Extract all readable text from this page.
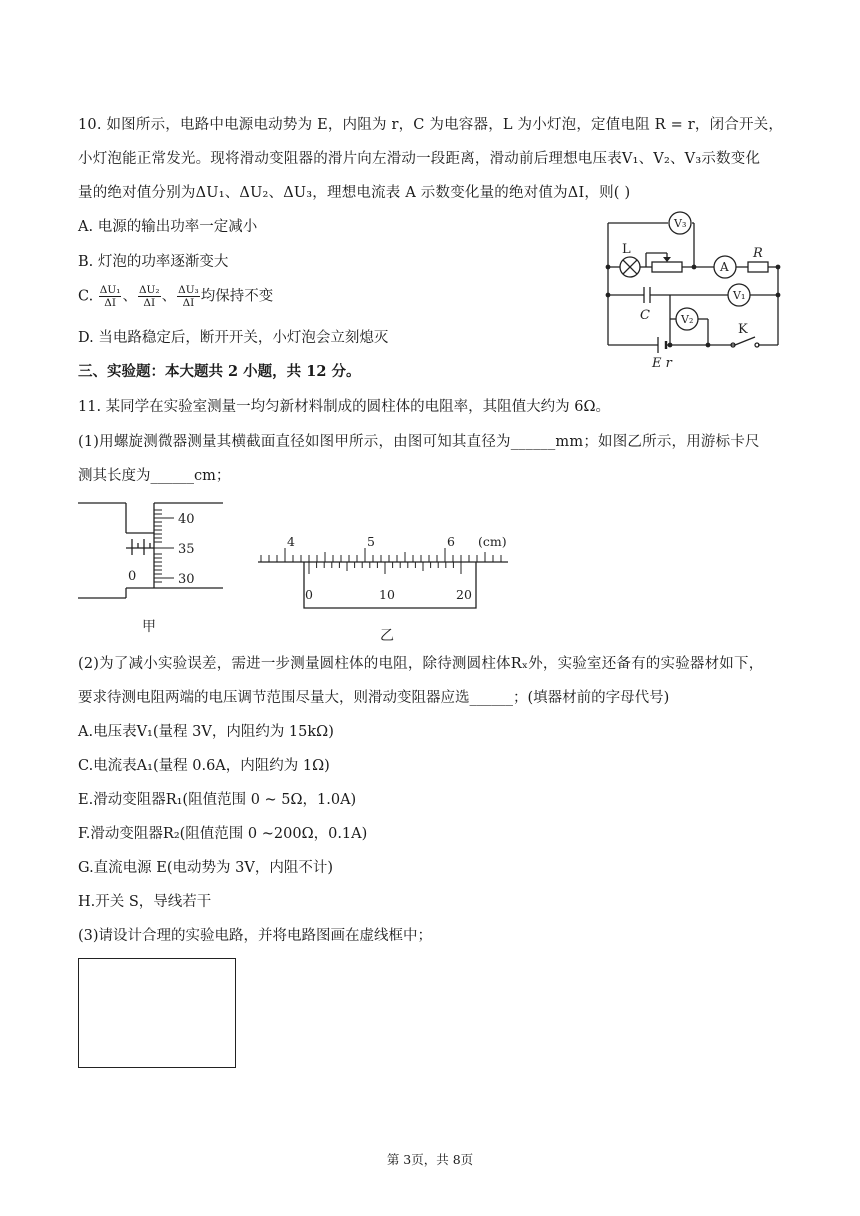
10. 如图所示，电路中电源电动势为 E，内阻为 r，C 为电容器，L 为小灯泡，定值电阻 R = r，闭合开关，
小灯泡能正常发光。现将滑动变阻器的滑片向左滑动一段距离，滑动前后理想电压表V₁、V₂、V₃示数变化
量的绝对值分别为ΔU₁、ΔU₂、ΔU₃，理想电流表 A 示数变化量的绝对值为ΔI，则( )
A. 电源的输出功率一定减小
B. 灯泡的功率逐渐变大
C. $\frac{\text{ΔU₁}}{\Delta I}$ 、 $\frac{\text{ΔU₂}}{\Delta I}$ 、 $\frac{\text{ΔU₃}}{\Delta I}$ 均保持不变
D. 当电路稳定后，断开开关，小灯泡会立刻熄灭
V₃
A
V₁
V₂
L	R
C
K
E r
三、实验题：本大题共 2 小题，共 12 分。
11. 某同学在实验室测量一均匀新材料制成的圆柱体的电阻率，其阻值大约为 6Ω。
(1)用螺旋测微器测量其横截面直径如图甲所示，由图可知其直径为______mm；如图乙所示，用游标卡尺
测其长度为______cm；
40
35
30
0
甲
4	5	6 (cm)
0	10	20
乙
(2)为了减小实验误差，需进一步测量圆柱体的电阻，除待测圆柱体Rₓ外，实验室还备有的实验器材如下，
要求待测电阻两端的电压调节范围尽量大，则滑动变阻器应选______；(填器材前的字母代号)
A.电压表V₁(量程 3V，内阻约为 15kΩ)
C.电流表A₁(量程 0.6A，内阻约为 1Ω)
E.滑动变阻器R₁(阻值范围 0 ~ 5Ω，1.0A)
F.滑动变阻器R₂(阻值范围 0 ~200Ω，0.1A)
G.直流电源 E(电动势为 3V，内阻不计)
H.开关 S，导线若干
(3)请设计合理的实验电路，并将电路图画在虚线框中；
第 3页，共 8页
